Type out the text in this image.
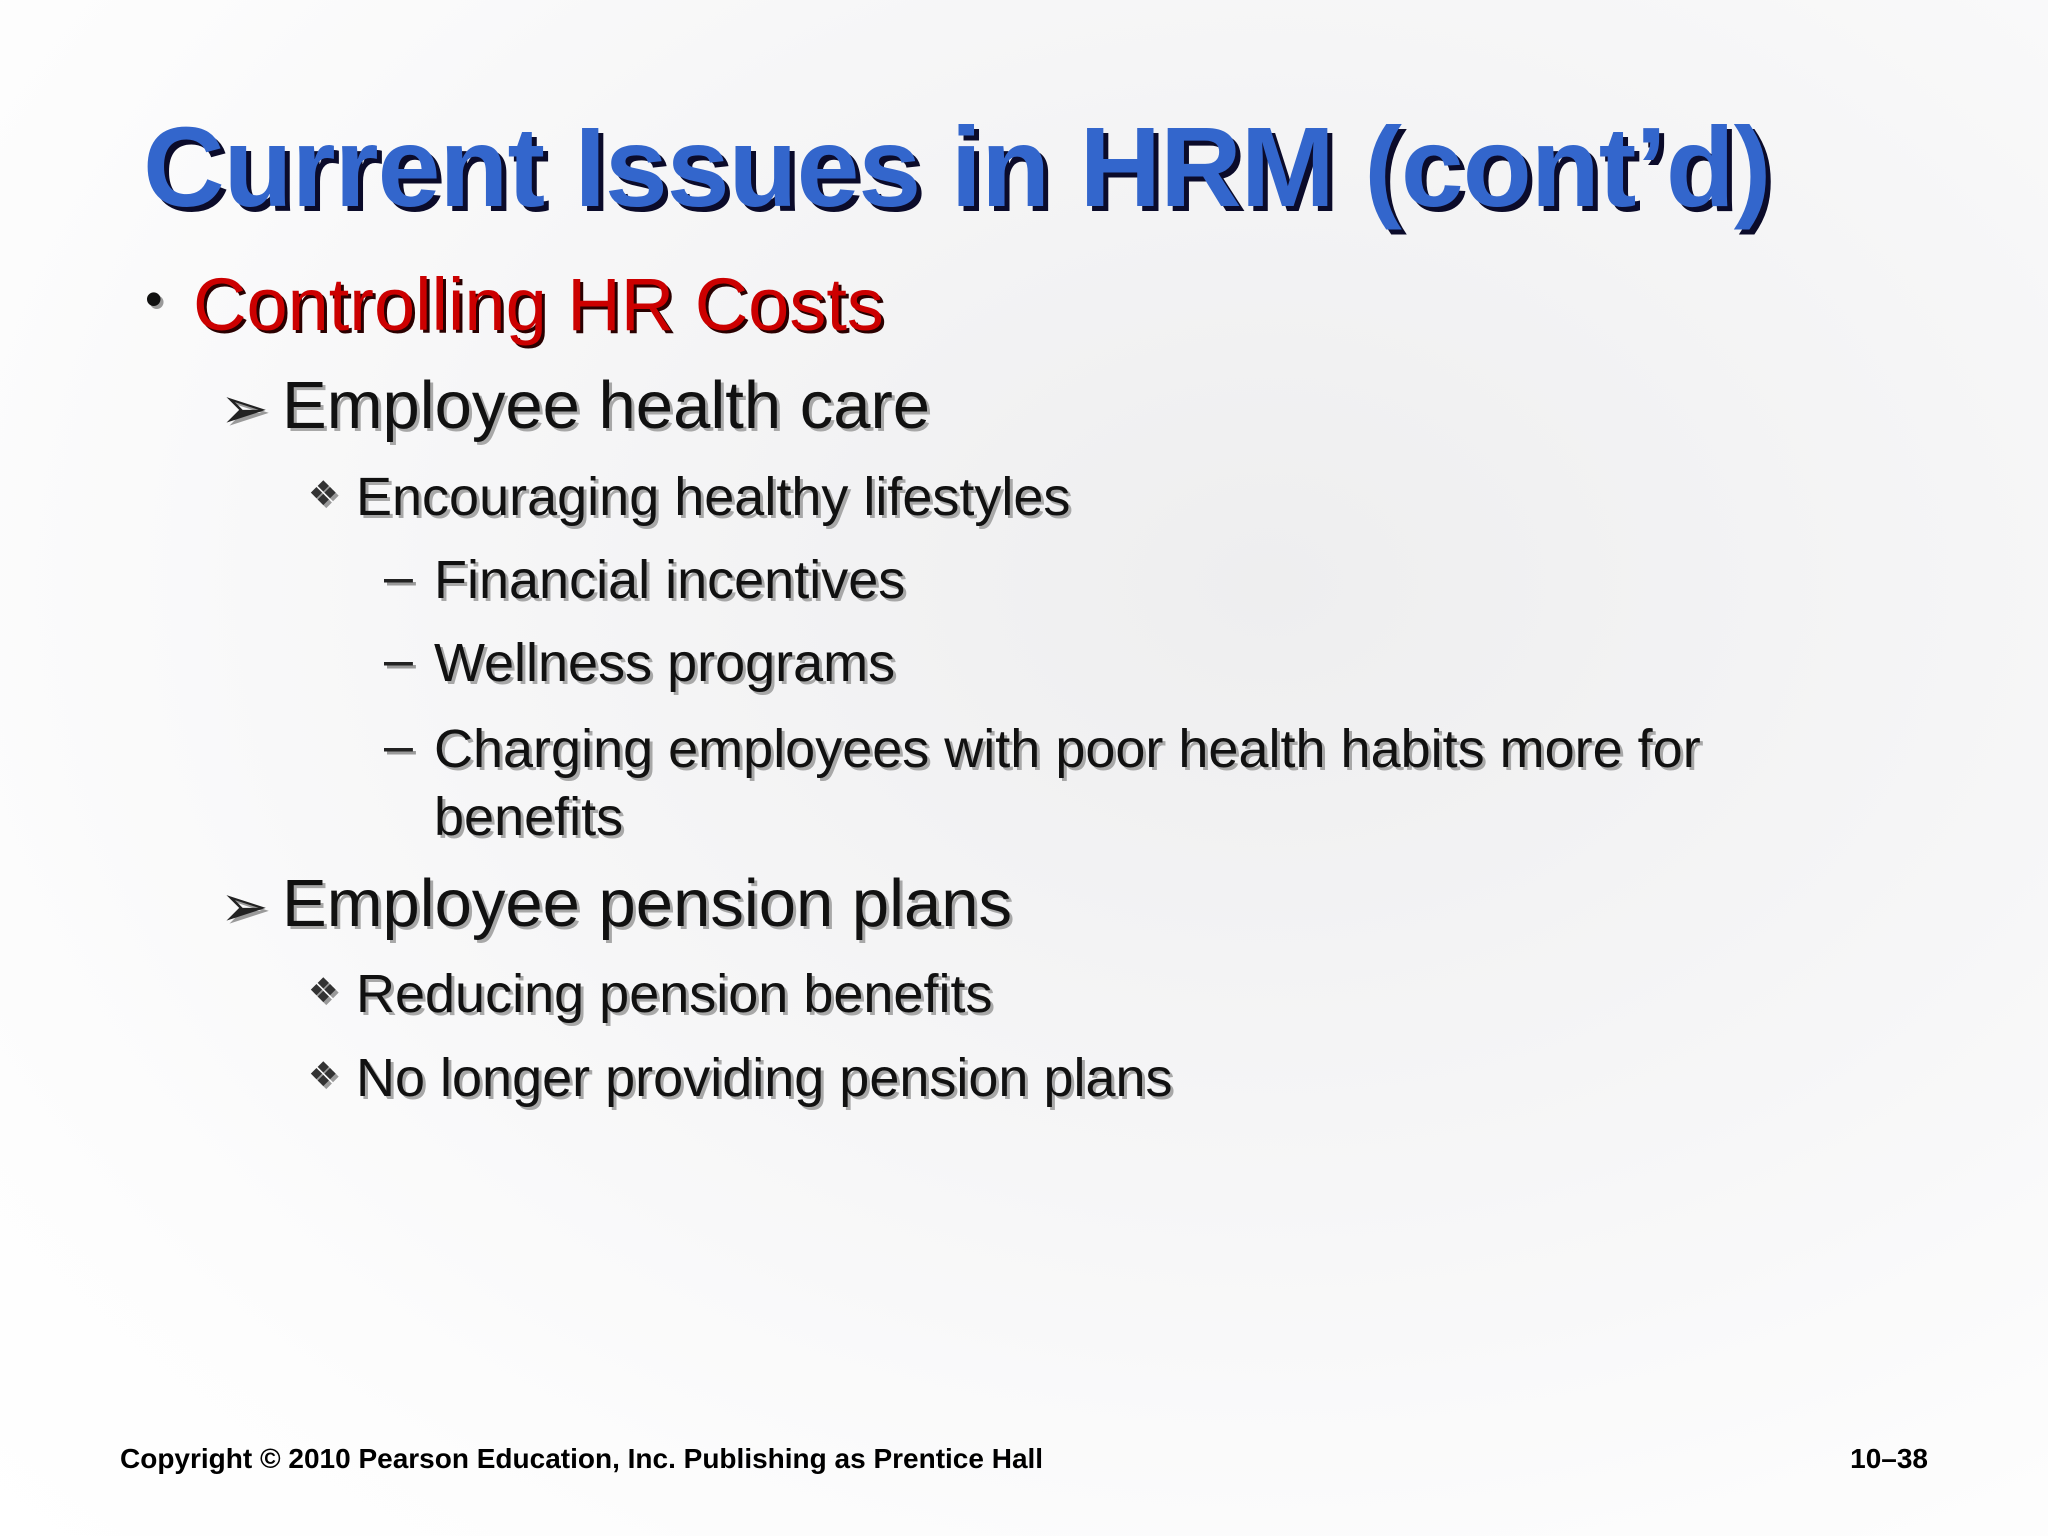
Current Issues in HRM (cont’d)
• Controlling HR Costs
➢ Employee health care
❖ Encouraging healthy lifestyles
– Financial incentives
– Wellness programs
– Charging employees with poor health habits more for benefits
➢ Employee pension plans
❖ Reducing pension benefits
❖ No longer providing pension plans
Copyright © 2010 Pearson Education, Inc. Publishing as Prentice Hall	10–38
